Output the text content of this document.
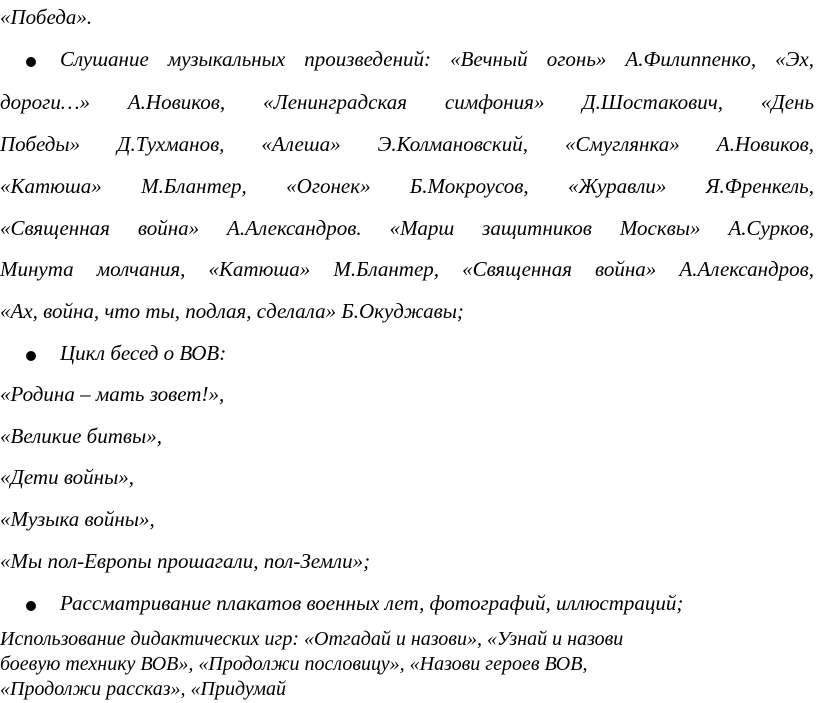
«Победа».
Слушание музыкальных произведений: «Вечный огонь» А.Филиппенко, «Эх,
дороги…» А.Новиков, «Ленинградская симфония» Д.Шостакович, «День
Победы» Д.Тухманов, «Алеша» Э.Колмановский, «Смуглянка» А.Новиков,
«Катюша» М.Блантер, «Огонек» Б.Мокроусов, «Журавли» Я.Френкель,
«Священная война» А.Александров. «Марш защитников Москвы» А.Сурков,
Минута молчания, «Катюша» М.Блантер, «Священная война» А.Александров,
«Ах, война, что ты, подлая, сделала» Б.Окуджавы;
Цикл бесед о ВОВ:
«Родина – мать зовет!»,
«Великие битвы»,
«Дети войны»,
«Музыка войны»,
«Мы пол-Европы прошагали, пол-Земли»;
Рассматривание плакатов военных лет, фотографий, иллюстраций;
Использование дидактических игр: «Отгадай и назови», «Узнай и назови
боевую технику ВОВ», «Продолжи пословицу», «Назови героев ВОВ,
«Продолжи рассказ», «Придумай
